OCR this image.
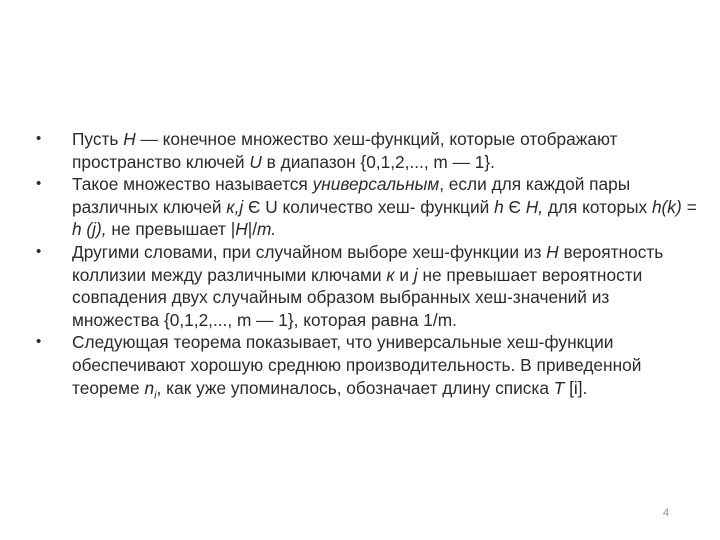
•	Пусть H — конечное множество хеш-функций, которые отображают пространство ключей U в диапазон {0,1,2,..., m — 1}.
•	Такое множество называется универсальным, если для каждой пары различных ключей к,j Є U количество хеш- функций h Є H, для которых h(k) = h (j), не превышает |H|/m.
•	Другими словами, при случайном выборе хеш-функции из H вероятность коллизии между различными ключами к и j не превышает вероятности совпадения двух случайным образом выбранных хеш-значений из множества {0,1,2,..., m — 1}, которая равна 1/m.
•	Следующая теорема показывает, что универсальные хеш-функции обеспечивают хорошую среднюю производительность. В приведенной теореме $n_i$, как уже упоминалось, обозначает длину списка T [i].
4
